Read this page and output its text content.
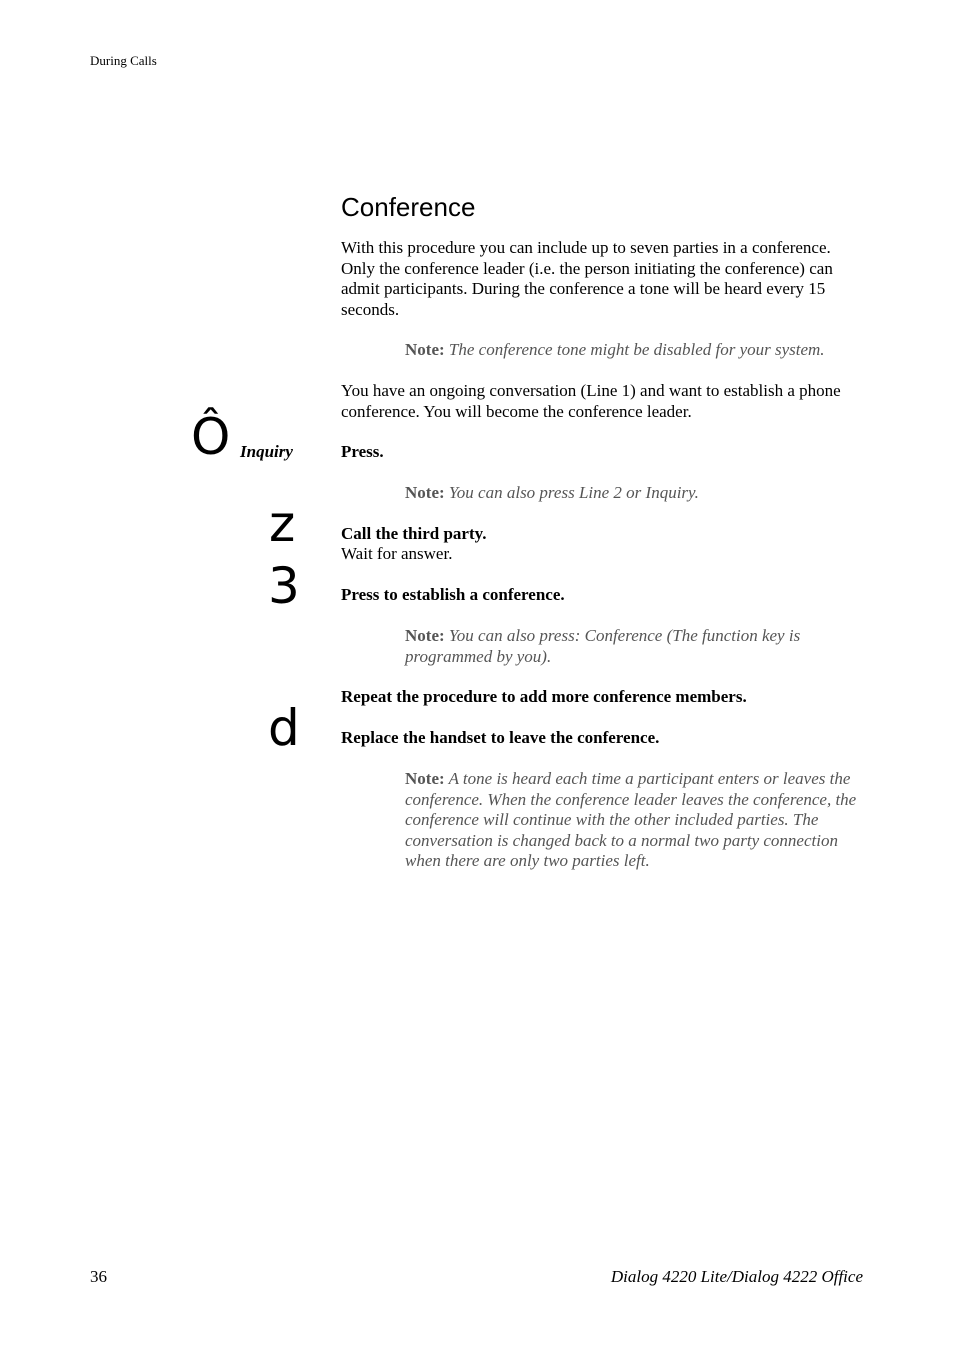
During Calls
Conference
With this procedure you can include up to seven parties in a conference. Only the conference leader (i.e. the person initiating the conference) can admit participants. During the conference a tone will be heard every 15 seconds.
Note: The conference tone might be disabled for your system.
You have an ongoing conversation (Line 1) and want to establish a phone conference. You will become the conference leader.
Ô Inquiry	Press.
Note: You can also press Line 2 or Inquiry.
z	Call the third party.
Wait for answer.
3 Press to establish a conference.
Note: You can also press: Conference (The function key is programmed by you).
Repeat the procedure to add more conference members.
d Replace the handset to leave the conference.
Note: A tone is heard each time a participant enters or leaves the conference. When the conference leader leaves the conference, the conference will continue with the other included parties. The conversation is changed back to a normal two party connection when there are only two parties left.
36	Dialog 4220 Lite/Dialog 4222 Office
